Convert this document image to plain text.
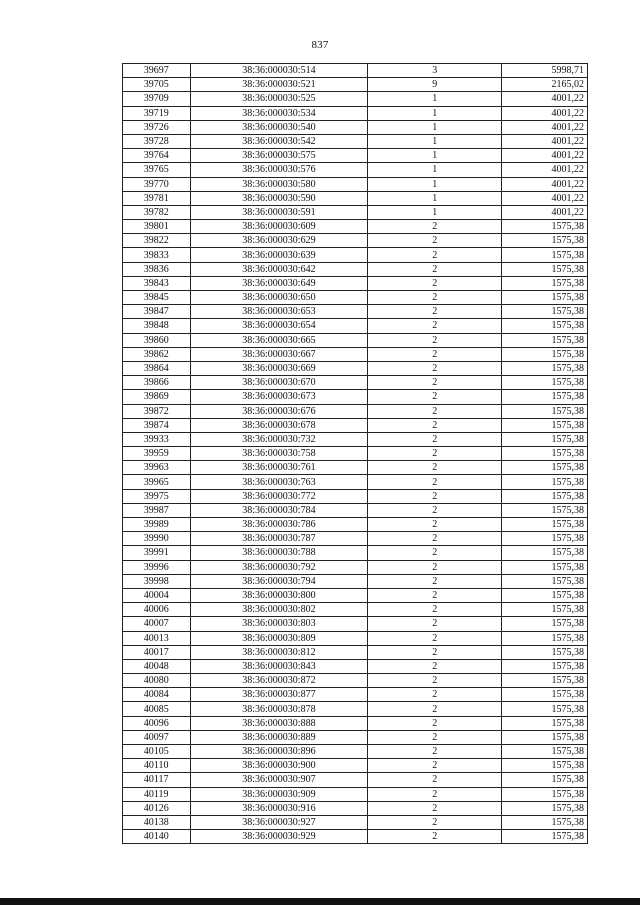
837
39697	38:36:000030:514	3	5998,71
39705	38:36:000030:521	9	2165,02
39709	38:36:000030:525	1	4001,22
39719	38:36:000030:534	1	4001,22
39726	38:36:000030:540	1	4001,22
39728	38:36:000030:542	1	4001,22
39764	38:36:000030:575	1	4001,22
39765	38:36:000030:576	1	4001,22
39770	38:36:000030:580	1	4001,22
39781	38:36:000030:590	1	4001,22
39782	38:36:000030:591	1	4001,22
39801	38:36:000030:609	2	1575,38
39822	38:36:000030:629	2	1575,38
39833	38:36:000030:639	2	1575,38
39836	38:36:000030:642	2	1575,38
39843	38:36:000030:649	2	1575,38
39845	38:36:000030:650	2	1575,38
39847	38:36:000030:653	2	1575,38
39848	38:36:000030:654	2	1575,38
39860	38:36:000030:665	2	1575,38
39862	38:36:000030:667	2	1575,38
39864	38:36:000030:669	2	1575,38
39866	38:36:000030:670	2	1575,38
39869	38:36:000030:673	2	1575,38
39872	38:36:000030:676	2	1575,38
39874	38:36:000030:678	2	1575,38
39933	38:36:000030:732	2	1575,38
39959	38:36:000030:758	2	1575,38
39963	38:36:000030:761	2	1575,38
39965	38:36:000030:763	2	1575,38
39975	38:36:000030:772	2	1575,38
39987	38:36:000030:784	2	1575,38
39989	38:36:000030:786	2	1575,38
39990	38:36:000030:787	2	1575,38
39991	38:36:000030:788	2	1575,38
39996	38:36:000030:792	2	1575,38
39998	38:36:000030:794	2	1575,38
40004	38:36:000030:800	2	1575,38
40006	38:36:000030:802	2	1575,38
40007	38:36:000030:803	2	1575,38
40013	38:36:000030:809	2	1575,38
40017	38:36:000030:812	2	1575,38
40048	38:36:000030:843	2	1575,38
40080	38:36:000030:872	2	1575,38
40084	38:36:000030:877	2	1575,38
40085	38:36:000030:878	2	1575,38
40096	38:36:000030:888	2	1575,38
40097	38:36:000030:889	2	1575,38
40105	38:36:000030:896	2	1575,38
40110	38:36:000030:900	2	1575,38
40117	38:36:000030:907	2	1575,38
40119	38:36:000030:909	2	1575,38
40126	38:36:000030:916	2	1575,38
40138	38:36:000030:927	2	1575,38
40140	38:36:000030:929	2	1575,38
